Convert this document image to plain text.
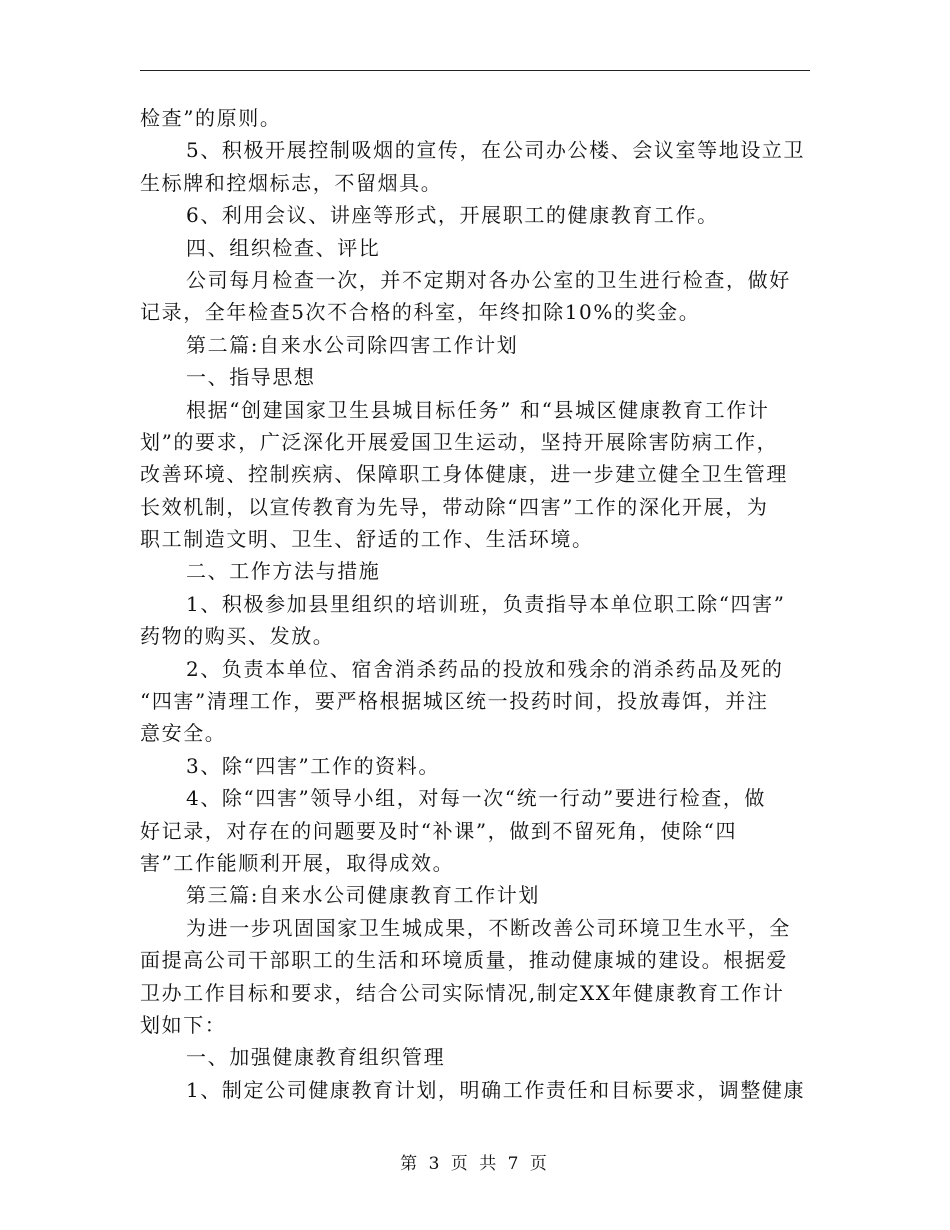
检查”的原则。
5、积极开展控制吸烟的宣传，在公司办公楼、会议室等地设立卫
生标牌和控烟标志，不留烟具。
6、利用会议、讲座等形式，开展职工的健康教育工作。
四、组织检查、评比
公司每月检查一次，并不定期对各办公室的卫生进行检查，做好
记录，全年检查5次不合格的科室，年终扣除10%的奖金。
第二篇:自来水公司除四害工作计划
一、指导思想
根据“创建国家卫生县城目标任务” 和“县城区健康教育工作计
划”的要求，广泛深化开展爱国卫生运动，坚持开展除害防病工作，
改善环境、控制疾病、保障职工身体健康，进一步建立健全卫生管理
长效机制，以宣传教育为先导，带动除“四害”工作的深化开展，为
职工制造文明、卫生、舒适的工作、生活环境。
二、工作方法与措施
1、积极参加县里组织的培训班，负责指导本单位职工除“四害”
药物的购买、发放。
2、负责本单位、宿舍消杀药品的投放和残余的消杀药品及死的
“四害”清理工作，要严格根据城区统一投药时间，投放毒饵，并注
意安全。
3、除“四害”工作的资料。
4、除“四害”领导小组，对每一次“统一行动”要进行检查，做
好记录，对存在的问题要及时“补课”，做到不留死角，使除“四
害”工作能顺利开展，取得成效。
第三篇:自来水公司健康教育工作计划
为进一步巩固国家卫生城成果，不断改善公司环境卫生水平，全
面提高公司干部职工的生活和环境质量，推动健康城的建设。根据爱
卫办工作目标和要求，结合公司实际情况,制定XX年健康教育工作计
划如下：
一、加强健康教育组织管理
1、制定公司健康教育计划，明确工作责任和目标要求，调整健康
第 3 页 共 7 页
